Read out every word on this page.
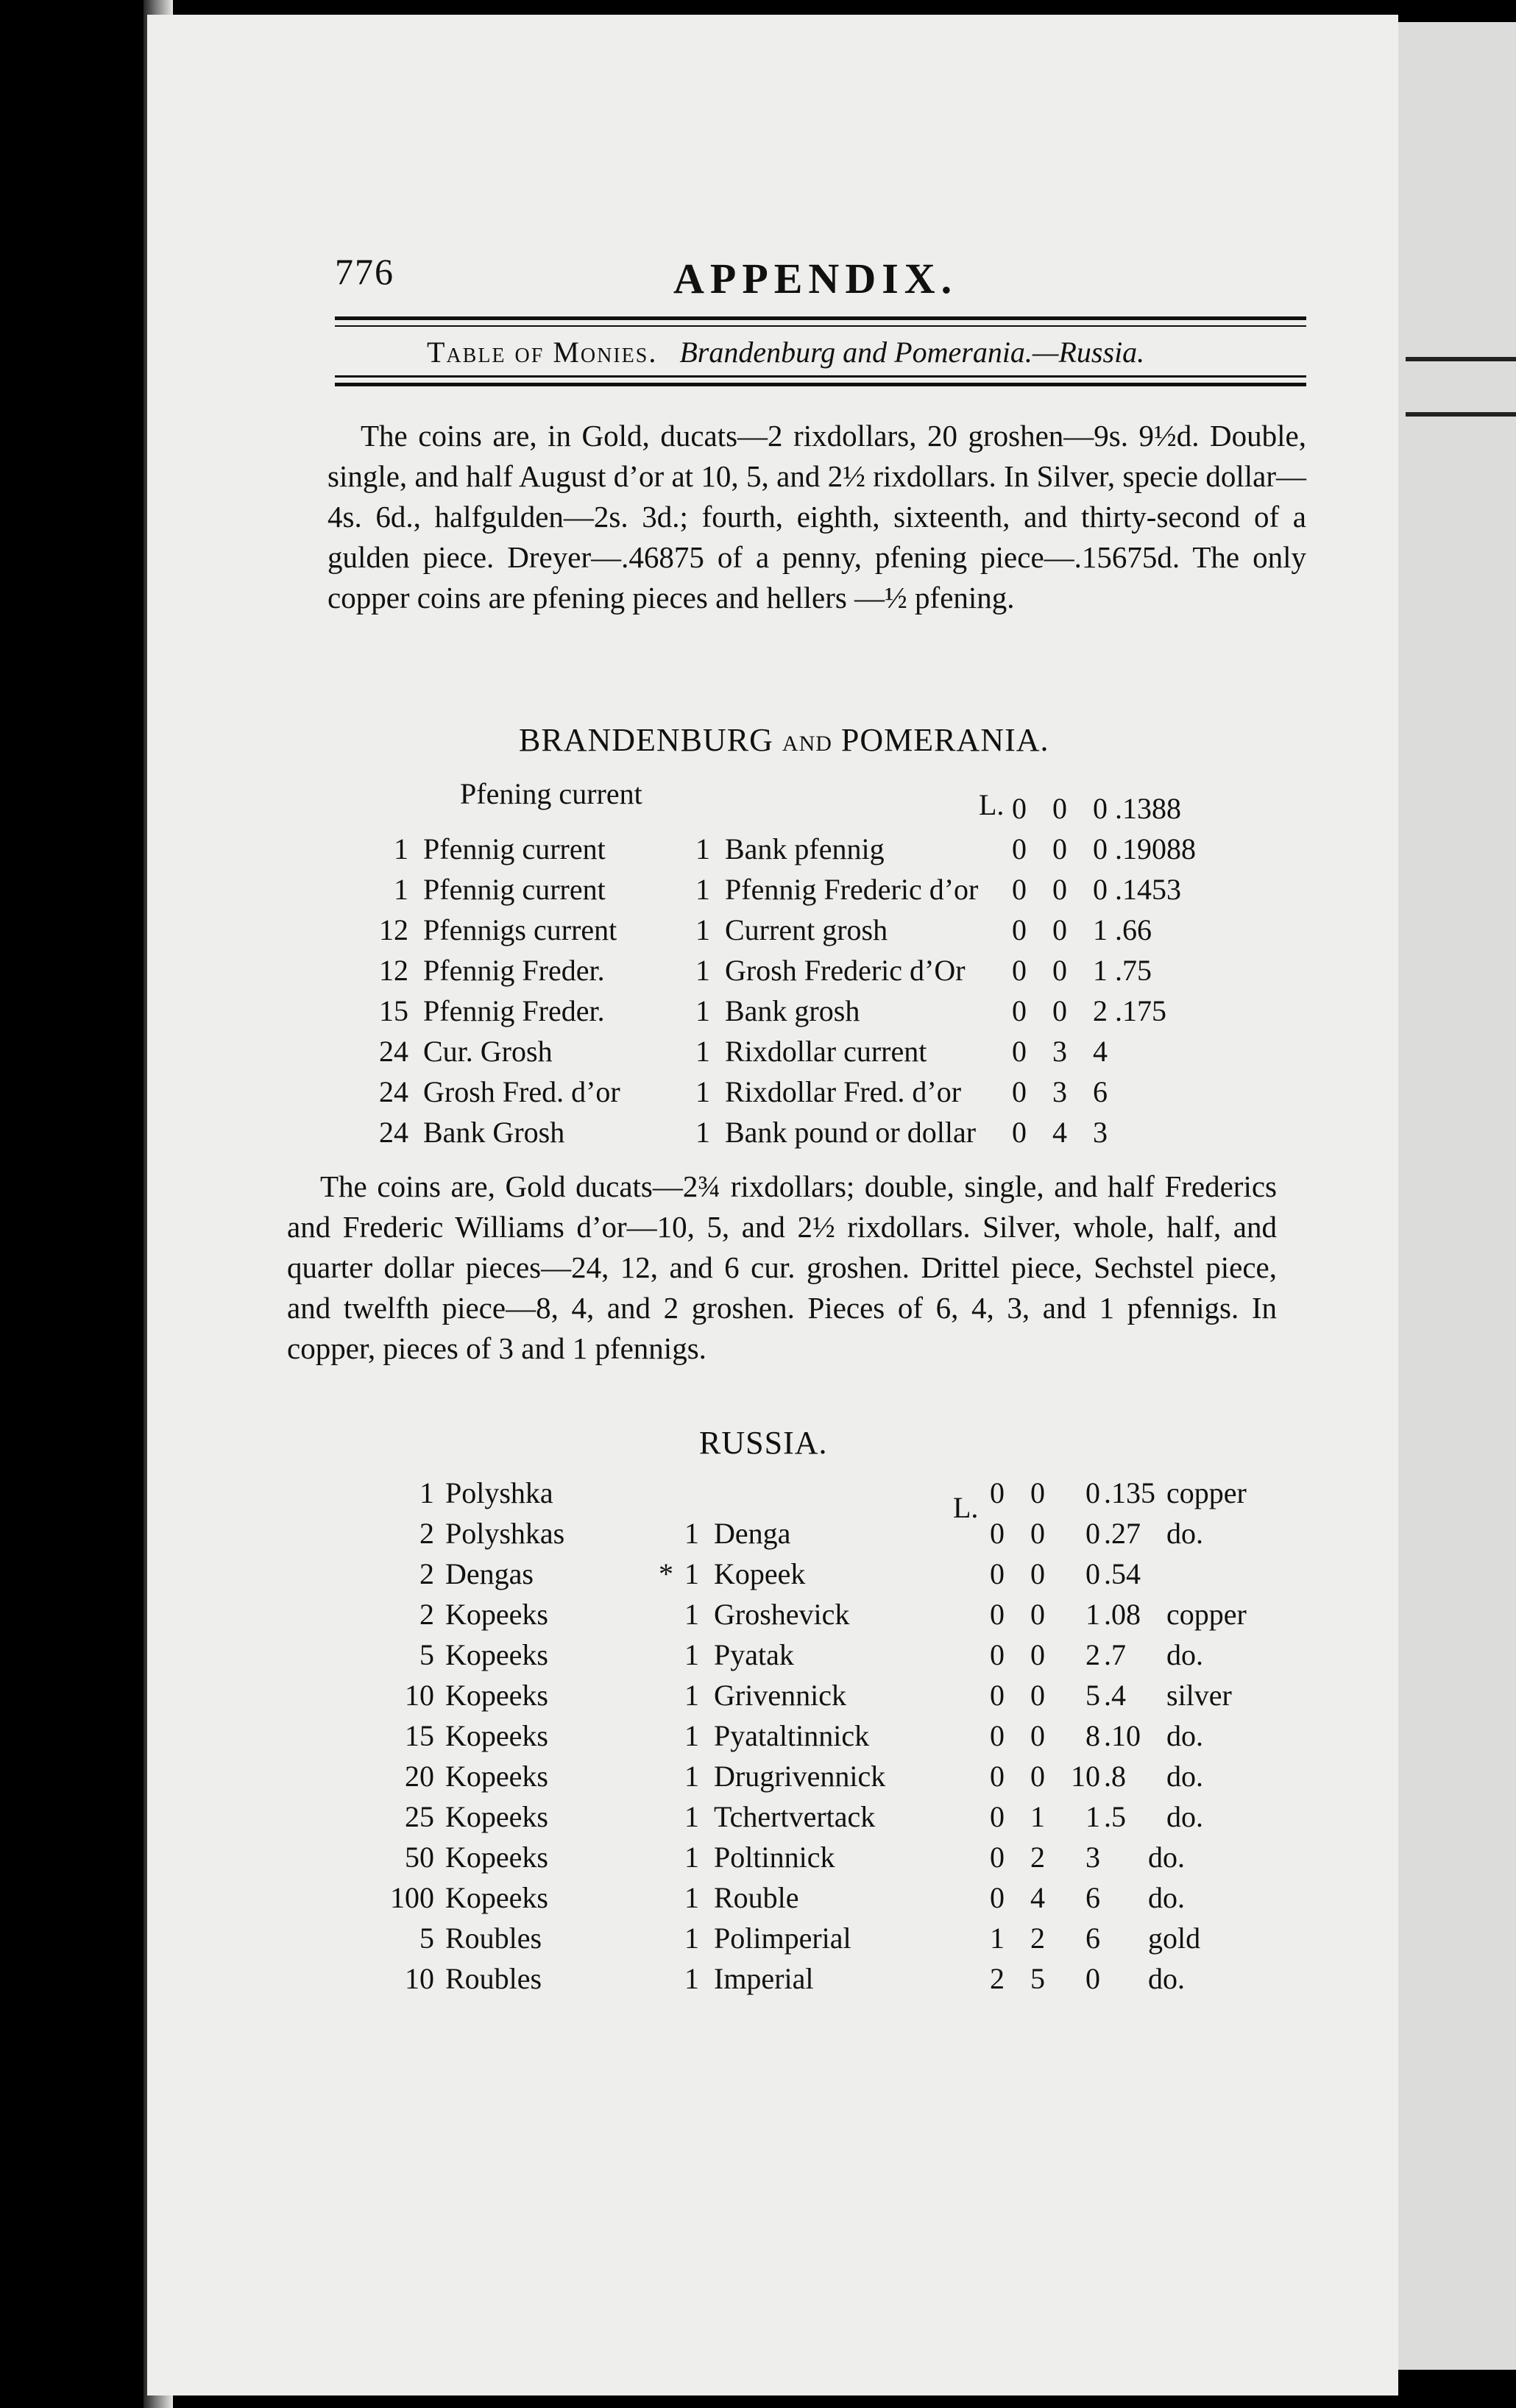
776	APPENDIX.
Table of Monies. Brandenburg and Pomerania.—Russia.

The coins are, in Gold, ducats—2 rixdollars, 20 groshen—9s. 9½d. Double, single, and half August d’or at 10, 5, and 2½ rixdollars. In Silver, specie dollar—4s. 6d., halfgulden—2s. 3d.; fourth, eighth, sixteenth, and thirty-second of a gulden piece. Dreyer—.46875 of a penny, pfening piece—.15675d. The only copper coins are pfening pieces and hellers —½ pfening.

BRANDENBURG AND POMERANIA.
Pfening current	L. 0 0 0 .1388
1 Pfennig current	1 Bank pfennig	0 0 0 .19088
1 Pfennig current	1 Pfennig Frederic d’or 0 0 0 .1453
12 Pfennigs current	1 Current grosh	0 0 1 .66
12 Pfennig Freder.	1 Grosh Frederic d’Or 0 0 1 .75
15 Pfennig Freder.	1 Bank grosh	0 0 2 .175
24 Cur. Grosh	1 Rixdollar current	0 3 4
24 Grosh Fred. d’or	1 Rixdollar Fred. d’or 0 3 6
24 Bank Grosh	1 Bank pound or dollar 0 4 3

The coins are, Gold ducats—2¾ rixdollars; double, single, and half Frederics and Frederic Williams d’or—10, 5, and 2½ rixdollars. Silver, whole, half, and quarter dollar pieces—24, 12, and 6 cur. groshen. Drittel piece, Sechstel piece, and twelfth piece—8, 4, and 2 groshen. Pieces of 6, 4, 3, and 1 pfennigs. In copper, pieces of 3 and 1 pfennigs.

RUSSIA.
L.
1 Polyshka	0 0	0 .135 copper
2 Polyshkas	1 Denga	0 0	0 .27 do.
*
2 Dengas	1 Kopeek	0 0	0 .54
2 Kopeeks	1 Groshevick	0 0	1 .08 copper
5 Kopeeks	1 Pyatak	0 0	2 .7 do.
10 Kopeeks	1 Grivennick	0 0	5 .4 silver
15 Kopeeks	1 Pyataltinnick	0 0	8 .10 do.
20 Kopeeks	1 Drugrivennick	0 0 10 .8 do.
25 Kopeeks	1 Tchertvertack	0 1	1 .5 do.
50 Kopeeks	1 Poltinnick	0 2	3 do.
100 Kopeeks	1 Rouble	0 4	6 do.
5 Roubles	1 Polimperial	1 2	6 gold
10 Roubles	1 Imperial	2 5	0 do.
